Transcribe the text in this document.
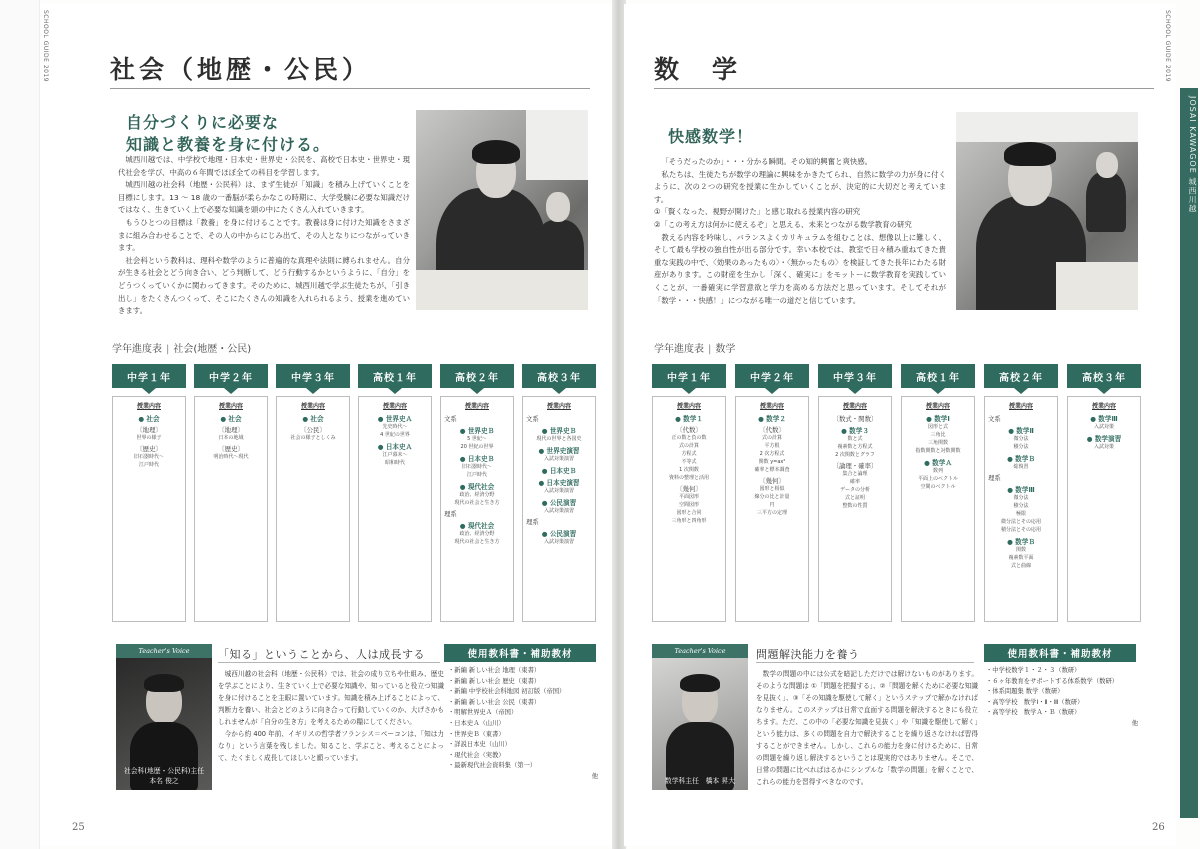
SCHOOL GUIDE 2019 社会（地歴・公民）
自分づくりに必要な
知識と教養を身に付ける。

城西川越では、中学校で地理・日本史・世界史・公民を、高校で日本史・世界史・現代社会を学び、中高の６年間でほぼ全ての科目を学習します。

城西川越の社会科（地歴・公民科）は、まず生徒が「知識」を積み上げていくことを目標にします。13 〜 18 歳の一番脳が柔らかなこの時期に、大学受験に必要な知識だけではなく、生きていく上で必要な知識を頭の中にたくさん入れていきます。

もうひとつの目標は「教養」を身に付けることです。教養は身に付けた知識をさまざまに組み合わせることで、その人の中からにじみ出て、その人となりにつながっていきます。

社会科という教科は、理科や数学のように普遍的な真理や法則に縛られません。自分が生きる社会とどう向き合い、どう判断して、どう行動するかというように、「自分」をどうつくっていくかに関わってきます。そのために、城西川越で学ぶ生徒たちが、「引き出し」をたくさんつくって、そこにたくさんの知識を入れられるよう、授業を進めていきます。

学年進度表 | 社会(地歴・公民)
中学１年
授業内容
● 社会
〔地理〕
世界の様子
〔歴史〕
旧石器時代〜
江戸時代
中学２年
授業内容
● 社会
〔地理〕
日本の地域
〔歴史〕
明治時代〜現代
中学３年
授業内容
● 社会
〔公民〕
社会の様子としくみ
高校１年
授業内容
● 世界史Ａ
先史時代〜
4 世紀の世界
● 日本史Ａ
江戸幕末〜
昭和時代
高校２年
授業内容
文系
● 世界史Ｂ
5 世紀〜
20 世紀の世界
● 日本史Ｂ
旧石器時代〜
江戸時代
● 現代社会
政治、経済分野
現代の社会と生き方
理系
● 現代社会
政治、経済分野
現代の社会と生き方
高校３年
授業内容
文系
● 世界史Ｂ
現代の世界と各国史
● 世界史演習
入試対策演習
● 日本史Ｂ
● 日本史演習
入試対策演習
● 公民演習
入試対策演習
理系
● 公民演習
入試対策演習
Teacher's Voice
社会科(地歴・公民科)主任
本名 俊之
「知る」ということから、人は成長する

城西川越の社会科（地歴・公民科）では、社会の成り立ちや仕組み、歴史を学ぶことにより、生きていく上で必要な知識や、知っていると役立つ知識を身に付けることを主眼に置いています。知識を積み上げることによって、判断力を養い、社会とどのように向き合って行動していくのか、大げさかもしれませんが「自分の生き方」を考えるための糧にしてください。

今から約 400 年前、イギリスの哲学者フランシス＝ベーコンは、「知は力なり」という言葉を残しました。知ること、学ぶこと、考えることによって、たくましく成長してほしいと願っています。

使用教科書・補助教材
・新編 新しい社会 地理（東書）
・新編 新しい社会 歴史（東書）
・新編 中学校社会科地図 初訂版（帝国）
・新編 新しい社会 公民（東書）
・明解世界史Ａ（帝国）
・日本史Ａ（山川）
・世界史Ｂ（東書）
・詳説日本史（山川）
・現代社会（実教）
・最新現代社会資料集（第一）
他
25
SCHOOL GUIDE 2019
数　学
快感数学！

「そうだったのか」・・・分かる瞬間。その知的興奮と爽快感。

私たちは、生徒たちが数学の理論に興味をかきたてられ、自然に数学の力が身に付くように、次の２つの研究を授業に生かしていくことが、決定的に大切だと考えています。

①「賢くなった、視野が開けた」と感じ取れる授業内容の研究

②「この考え方は何かに使えるぞ」と思える、未来とつながる数学教育の研究

教える内容を吟味し、バランスよくカリキュラムを組むことは、想像以上に難しく、そして最も学校の独自性が出る部分です。幸い本校では、教室で日々積み重ねてきた貴重な実践の中で、〈効果のあったもの〉・〈無かったもの〉を検証してきた長年にわたる財産があります。この財産を生かし「深く、確実に」をモットーに数学教育を実践していくことが、一番確実に学習意欲と学力を高める方法だと思っています。そしてそれが「数学・・・快感！」につながる唯一の道だと信じています。

学年進度表 | 数学
中学１年
授業内容
● 数学１
〔代数〕
正の数と負の数
式の計算
方程式
不等式
1 次関数
資料の整理と活用
〔幾何〕
平面図形
空間図形
図形と合同
三角形と四角形
中学２年
授業内容
● 数学２
〔代数〕
式の計算
平方根
2 次方程式
関数 y=ax²
確率と標本調査
〔幾何〕
図形と相似
線分の比と計量
円
三平方の定理
中学３年
授業内容
〔数式・関数〕
● 数学３
数と式
複素数と方程式
2 次関数とグラフ
〔論理・確率〕
集合と論理
確率
データの分析
式と証明
整数の性質
高校１年
授業内容
● 数学Ⅰ
図形と式
三角比
三角関数
指数関数と対数関数
● 数学Ａ
数列
平面上のベクトル
空間のベクトル
高校２年
授業内容
文系
● 数学Ⅱ
微分法
積分法
● 数学Ｂ
総復習
理系
● 数学Ⅲ
微分法
積分法
極限
微分法とその応用
積分法とその応用
● 数学Ｂ
関数
複素数平面
式と曲線
高校３年
授業内容
● 数学Ⅲ
入試対策
● 数学演習
入試対策
Teacher's Voice
数学科主任　橋本 昇大
問題解決能力を養う

数学の問題の中には公式を暗記しただけでは解けないものがあります。そのような問題は ①「問題を把握する」、②「問題を解くために必要な知識を見抜く」、③「その知識を駆使して解く」というステップで解かなければなりません。このステップは日常で直面する問題を解決するときにも役立ちます。ただ、この中の「必要な知識を見抜く」や「知識を駆使して解く」という能力は、多くの問題を自力で解決することを繰り返さなければ習得することができません。しかし、これらの能力を身に付けるために、日常の問題を繰り返し解決するということは現実的ではありません。そこで、日常の問題に比べればはるかにシンプルな「数学の問題」を解くことで、これらの能力を習得すべきなのです。

使用教科書・補助教材
・中学校数学１・２・３（数研）
・６ヶ年教育をサポートする体系数学（数研）
・体系問題集 数学（数研）
・高等学校　数学Ⅰ・Ⅱ・Ⅲ（数研）
・高等学校　数学Ａ・Ｂ（数研）
他
26
JOSAI KAWAGOE 城西川越
